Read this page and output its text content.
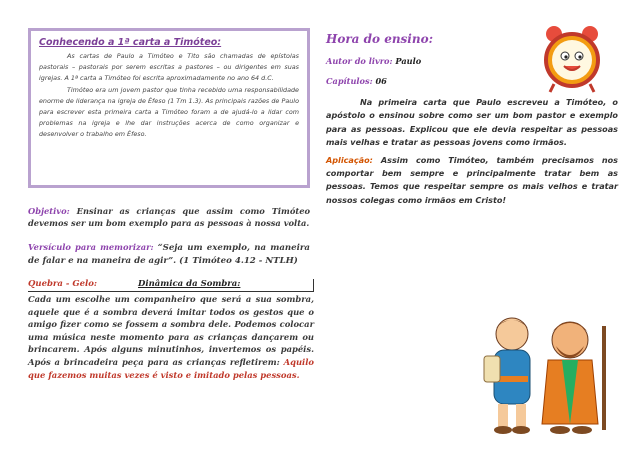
Conhecendo a 1ª carta a Timóteo:

As cartas de Paulo a Timóteo e Tito são chamadas de epístolas pastorais – pastorais por serem escritas a pastores – ou dirigentes em suas igrejas. A 1ª carta a Timóteo foi escrita aproximadamente no ano 64 d.C.

Timóteo era um jovem pastor que tinha recebido uma responsabilidade enorme de liderança na igreja de Éfeso (1 Tm 1.3). As principais razões de Paulo para escrever esta primeira carta a Timóteo foram a de ajudá-lo a lidar com problemas na igreja e lhe dar instruções acerca de como organizar e desenvolver o trabalho em Éfeso.

Objetivo: Ensinar as crianças que assim como Timóteo devemos ser um bom exemplo para as pessoas à nossa volta.
Versículo para memorizar: “Seja um exemplo, na maneira de falar e na maneira de agir”. (1 Timóteo 4.12 - NTLH)
Quebra - Gelo:	Dinâmica da Sombra:
Cada um escolhe um companheiro que será a sua sombra, aquele que é a sombra deverá imitar todos os gestos que o amigo fizer como se fossem a sombra dele. Podemos colocar uma música neste momento para as crianças dançarem ou brincarem. Após alguns minutinhos, invertemos os papéis. Após a brincadeira peça para as crianças refletirem: Aquilo que fazemos muitas vezes é visto e imitado pelas pessoas.
Hora do ensino:
Autor do livro: Paulo
Capítulos: 06

Na primeira carta que Paulo escreveu a Timóteo, o apóstolo o ensinou sobre como ser um bom pastor e exemplo para as pessoas. Explicou que ele devia respeitar as pessoas mais velhas e tratar as pessoas jovens como irmãos.

Aplicação: Assim como Timóteo, também precisamos nos comportar bem sempre e principalmente tratar bem as pessoas. Temos que respeitar sempre os mais velhos e tratar nossos colegas como irmãos em Cristo!
